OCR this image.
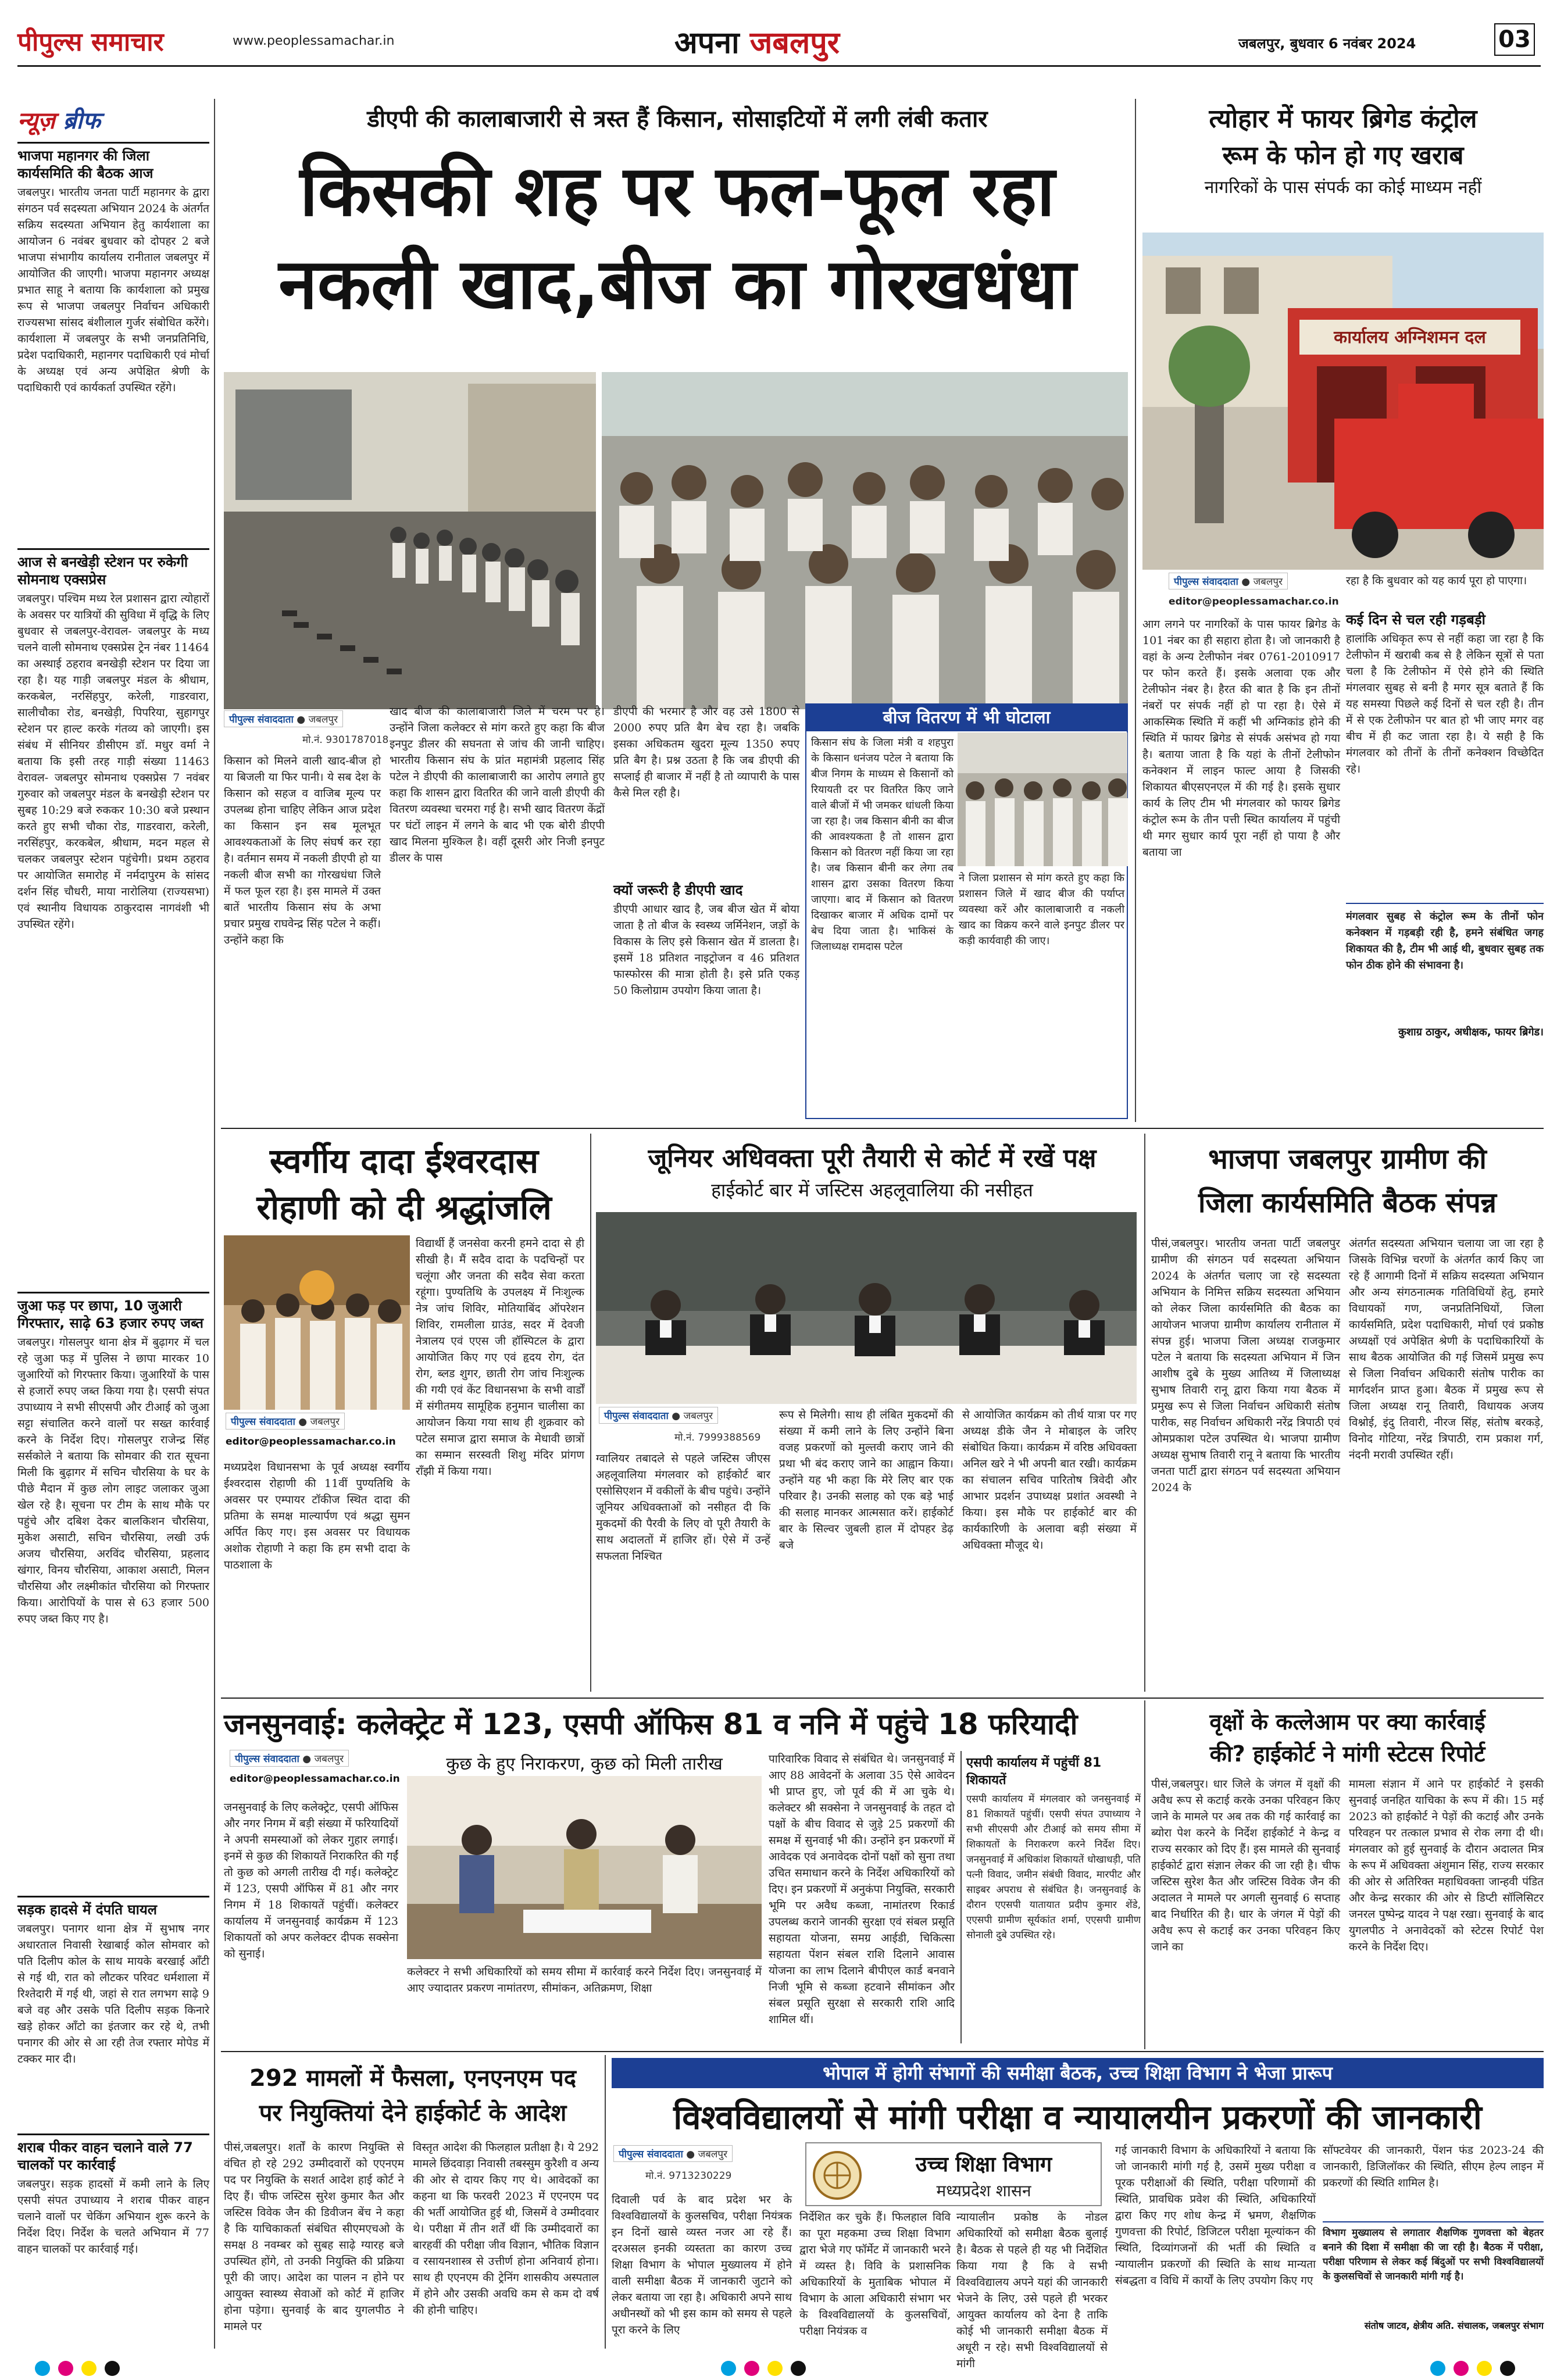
पीपुल्स समाचार	www.peoplessamachar.in	अपना जबलपुर	जबलपुर, बुधवार 6 नवंबर 2024	03
न्यूज़ ब्रीफ
भाजपा महानगर की जिला कार्यसमिति की बैठक आज
जबलपुर। भारतीय जनता पार्टी महानगर के द्वारा संगठन पर्व सदस्यता अभियान 2024 के अंतर्गत सक्रिय सदस्यता अभियान हेतु कार्यशाला का आयोजन 6 नवंबर बुधवार को दोपहर 2 बजे भाजपा संभागीय कार्यालय रानीताल जबलपुर में आयोजित की जाएगी। भाजपा महानगर अध्यक्ष प्रभात साहू ने बताया कि कार्यशाला को प्रमुख रूप से भाजपा जबलपुर निर्वाचन अधिकारी राज्यसभा सांसद बंशीलाल गुर्जर संबोधित करेंगे। कार्यशाला में जबलपुर के सभी जनप्रतिनिधि, प्रदेश पदाधिकारी, महानगर पदाधिकारी एवं मोर्चा के अध्यक्ष एवं अन्य अपेक्षित श्रेणी के पदाधिकारी एवं कार्यकर्ता उपस्थित रहेंगे।
आज से बनखेड़ी स्टेशन पर रुकेगी सोमनाथ एक्सप्रेस
जबलपुर। पश्चिम मध्य रेल प्रशासन द्वारा त्योहारों के अवसर पर यात्रियों की सुविधा में वृद्धि के लिए बुधवार से जबलपुर-वेरावल- जबलपुर के मध्य चलने वाली सोमनाथ एक्सप्रेस ट्रेन नंबर 11464 का अस्थाई ठहराव बनखेड़ी स्टेशन पर दिया जा रहा है। यह गाड़ी जबलपुर मंडल के श्रीधाम, करकबेल, नरसिंहपुर, करेली, गाडरवारा, सालीचौका रोड, बनखेड़ी, पिपरिया, सुहागपुर स्टेशन पर हाल्ट करके गंतव्य को जाएगी। इस संबंध में सीनियर डीसीएम डॉ. मधुर वर्मा ने बताया कि इसी तरह गाड़ी संख्या 11463 वेरावल- जबलपुर सोमनाथ एक्सप्रेस 7 नवंबर गुरुवार को जबलपुर मंडल के बनखेड़ी स्टेशन पर सुबह 10:29 बजे रुककर 10:30 बजे प्रस्थान करते हुए सभी चौका रोड, गाडरवारा, करेली, नरसिंहपुर, करकबेल, श्रीधाम, मदन महल से चलकर जबलपुर स्टेशन पहुंचेगी। प्रथम ठहराव पर आयोजित समारोह में नर्मदापुरम के सांसद दर्शन सिंह चौधरी, माया नारोलिया (राज्यसभा) एवं स्थानीय विधायक ठाकुरदास नागवंशी भी उपस्थित रहेंगे।
जुआ फड़ पर छापा, 10 जुआरी गिरफ्तार, साढ़े 63 हजार रुपए जब्त
जबलपुर। गोसलपुर थाना क्षेत्र में बुढ़ागर में चल रहे जुआ फड़ में पुलिस ने छापा मारकर 10 जुआरियों को गिरफ्तार किया। जुआरियों के पास से हजारों रुपए जब्त किया गया है। एसपी संपत उपाध्याय ने सभी सीएसपी और टीआई को जुआ सट्टा संचालित करने वालों पर सख्त कार्रवाई करने के निर्देश दिए। गोसलपुर राजेन्द्र सिंह सर्सकोले ने बताया कि सोमवार की रात सूचना मिली कि बुढ़ागर में सचिन चौरसिया के घर के पीछे मैदान में कुछ लोग लाइट जलाकर जुआ खेल रहे है। सूचना पर टीम के साथ मौके पर पहुंचे और दबिश देकर बालकिशन चौरसिया, मुकेश असाटी, सचिन चौरसिया, लखी उर्फ अजय चौरसिया, अरविंद चौरसिया, प्रहलाद खंगार, विनय चौरसिया, आकाश असाटी, मिलन चौरसिया और लक्ष्मीकांत चौरसिया को गिरफ्तार किया। आरोपियों के पास से 63 हजार 500 रुपए जब्त किए गए है।
सड़क हादसे में दंपति घायल
जबलपुर। पनागर थाना क्षेत्र में सुभाष नगर अधारताल निवासी रेखाबाई कोल सोमवार को पति दिलीप कोल के साथ मायके बरखाई आँटी से गई थी, रात को लौटकर परिवट धर्मशाला में रिश्तेदारी में गई थी, जहां से रात लगभग साढ़े 9 बजे वह और उसके पति दिलीप सड़क किनारे खड़े होकर आँटो का इंतजार कर रहे थे, तभी पनागर की ओर से आ रही तेज रफ्तार मोपेड में टक्कर मार दी।
शराब पीकर वाहन चलाने वाले 77 चालकों पर कार्रवाई
जबलपुर। सड़क हादसों में कमी लाने के लिए एसपी संपत उपाध्याय ने शराब पीकर वाहन चलाने वालों पर चेकिंग अभियान शुरू करने के निर्देश दिए। निर्देश के चलते अभियान में 77 वाहन चालकों पर कार्रवाई गई।
डीएपी की कालाबाजारी से त्रस्त हैं किसान, सोसाइटियों में लगी लंबी कतार
किसकी शह पर फल-फूल रहा
नकली खाद,बीज का गोरखधंधा
पीपुल्स संवाददाता ● जबलपुर
मो.नं. 9301787018
किसान को मिलने वाली खाद-बीज हो या बिजली या फिर पानी। ये सब देश के किसान को सहज व वाजिब मूल्य पर उपलब्ध होना चाहिए लेकिन आज प्रदेश का किसान इन सब मूलभूत आवश्यकताओं के लिए संघर्ष कर रहा है। वर्तमान समय में नकली डीएपी हो या नकली बीज सभी का गोरखधंधा जिले में फल फूल रहा है। इस मामले में उक्त बातें भारतीय किसान संघ के अभा प्रचार प्रमुख राघवेन्द्र सिंह पटेल ने कहीं। उन्होंने कहा कि
खाद बीज की कालाबाजारी जिले में चरम पर है। उन्होंने जिला कलेक्टर से मांग करते हुए कहा कि बीज इनपुट डीलर की सघनता से जांच की जानी चाहिए। भारतीय किसान संघ के प्रांत महामंत्री प्रहलाद सिंह पटेल ने डीएपी की कालाबाजारी का आरोप लगाते हुए कहा कि शासन द्वारा वितरित की जाने वाली डीएपी की वितरण व्यवस्था चरमरा गई है। सभी खाद वितरण केंद्रों पर घंटों लाइन में लगने के बाद भी एक बोरी डीएपी खाद मिलना मुश्किल है। वहीं दूसरी ओर निजी इनपुट डीलर के पास
डीएपी की भरमार है और वह उसे 1800 से 2000 रुपए प्रति बैग बेच रहा है। जबकि इसका अधिकतम खुदरा मूल्य 1350 रुपए प्रति बैग है। प्रश्न उठता है कि जब डीएपी की सप्लाई ही बाजार में नहीं है तो व्यापारी के पास कैसे मिल रही है।
क्यों जरूरी है डीएपी खाद
डीएपी आधार खाद है, जब बीज खेत में बोया जाता है तो बीज के स्वस्थ्य जर्मिनेशन, जड़ों के विकास के लिए इसे किसान खेत में डालता है। इसमें 18 प्रतिशत नाइट्रोजन व 46 प्रतिशत फास्फोरस की मात्रा होती है। इसे प्रति एकड़ 50 किलोग्राम उपयोग किया जाता है।
बीज वितरण में भी घोटाला
किसान संघ के जिला मंत्री व शहपुरा के किसान धनंजय पटेल ने बताया कि बीज निगम के माध्यम से किसानों को रियायती दर पर वितरित किए जाने वाले बीजों में भी जमकर धांधली किया जा रहा है। जब किसान बीनी का बीज की आवश्यकता है तो शासन द्वारा किसान को वितरण नहीं किया जा रहा है। जब किसान बीनी कर लेगा तब शासन द्वारा उसका वितरण किया जाएगा। बाद में किसान को वितरण दिखाकर बाजार में अधिक दामों पर बेच दिया जाता है। भाकिसं के जिलाध्यक्ष रामदास पटेल
ने जिला प्रशासन से मांग करते हुए कहा कि प्रशासन जिले में खाद बीज की पर्याप्त व्यवस्था करें और कालाबाजारी व नकली खाद का विक्रय करने वाले इनपुट डीलर पर कड़ी कार्यवाही की जाए।
त्योहार में फायर ब्रिगेड कंट्रोल
रूम के फोन हो गए खराब
नागरिकों के पास संपर्क का कोई माध्यम नहीं
कार्यालय अग्निशमन दल
पीपुल्स संवाददाता ● जबलपुर
editor@peoplessamachar.co.in
आग लगने पर नागरिकों के पास फायर ब्रिगेड के 101 नंबर का ही सहारा होता है। जो जानकारी है वहां के अन्य टेलीफोन नंबर 0761-2010917 पर फोन करते हैं। इसके अलावा एक और टेलीफोन नंबर है। हैरत की बात है कि इन तीनों नंबरों पर संपर्क नहीं हो पा रहा है। ऐसे में आकस्मिक स्थिति में कहीं भी अग्निकांड होने की स्थिति में फायर ब्रिगेड से संपर्क असंभव हो गया है। बताया जाता है कि यहां के तीनों टेलीफोन कनेक्शन में लाइन फाल्ट आया है जिसकी शिकायत बीएसएनएल में की गई है। इसके सुधार कार्य के लिए टीम भी मंगलवार को फायर ब्रिगेड कंट्रोल रूम के तीन पत्ती स्थित कार्यालय में पहुंची थी मगर सुधार कार्य पूरा नहीं हो पाया है और बताया जा
रहा है कि बुधवार को यह कार्य पूरा हो पाएगा।
कई दिन से चल रही गड़बड़ी
हालांकि अधिकृत रूप से नहीं कहा जा रहा है कि टेलीफोन में खराबी कब से है लेकिन सूत्रों से पता चला है कि टेलीफोन में ऐसे होने की स्थिति मंगलवार सुबह से बनी है मगर सूत्र बताते हैं कि यह समस्या पिछले कई दिनों से चल रही है। तीन में से एक टेलीफोन पर बात हो भी जाए मगर वह बीच में ही कट जाता रहा है। ये सही है कि मंगलवार को तीनों के तीनों कनेक्शन विच्छेदित रहे।
मंगलवार सुबह से कंट्रोल रूम के तीनों फोन कनेक्शन में गड़बड़ी रही है, हमने संबंधित जगह शिकायत की है, टीम भी आई थी, बुधवार सुबह तक फोन ठीक होने की संभावना है।
कुशाग्र ठाकुर, अधीक्षक, फायर ब्रिगेड।
स्वर्गीय दादा ईश्वरदास
रोहाणी को दी श्रद्धांजलि
पीपुल्स संवाददाता ● जबलपुर
editor@peoplessamachar.co.in
मध्यप्रदेश विधानसभा के पूर्व अध्यक्ष स्वर्गीय ईश्वरदास रोहाणी की 11वीं पुण्यतिथि के अवसर पर एम्पायर टॉकीज स्थित दादा की प्रतिमा के समक्ष माल्यार्पण एवं श्रद्धा सुमन अर्पित किए गए। इस अवसर पर विधायक अशोक रोहाणी ने कहा कि हम सभी दादा के पाठशाला के
विद्यार्थी हैं जनसेवा करनी हमने दादा से ही सीखी है। मैं सदैव दादा के पदचिन्हों पर चलूंगा और जनता की सदैव सेवा करता रहूंगा। पुण्यतिथि के उपलक्ष्य में निःशुल्क नेत्र जांच शिविर, मोतियाबिंद ऑपरेशन शिविर, रामलीला ग्राउंड, सदर में देवजी नेत्रालय एवं एएस जी हॉस्पिटल के द्वारा आयोजित किए गए एवं हृदय रोग, दंत रोग, ब्लड शुगर, छाती रोग जांच निःशुल्क की गयी एवं केंट विधानसभा के सभी वार्डों में संगीतमय सामूहिक हनुमान चालीसा का आयोजन किया गया साथ ही शुक्रवार को पटेल समाज द्वारा समाज के मेधावी छात्रों का सम्मान सरस्वती शिशु मंदिर प्रांगण राँझी में किया गया।
जूनियर अधिवक्ता पूरी तैयारी से कोर्ट में रखें पक्ष
हाईकोर्ट बार में जस्टिस अहलूवालिया की नसीहत
पीपुल्स संवाददाता ● जबलपुर
मो.नं. 7999388569
ग्वालियर तबादले से पहले जस्टिस जीएस अहलूवालिया मंगलवार को हाईकोर्ट बार एसोसिएशन में वकीलों के बीच पहुंचे। उन्होंने जूनियर अधिवक्ताओं को नसीहत दी कि मुकदमों की पैरवी के लिए वो पूरी तैयारी के साथ अदालतों में हाजिर हों। ऐसे में उन्हें सफलता निश्चित
रूप से मिलेगी। साथ ही लंबित मुकदमों की संख्या में कमी लाने के लिए उन्होंने बिना वजह प्रकरणों को मुल्तवी कराए जाने की प्रथा भी बंद कराए जाने का आह्वान किया। उन्होंने यह भी कहा कि मेरे लिए बार एक परिवार है। उनकी सलाह को एक बड़े भाई की सलाह मानकर आत्मसात करें। हाईकोर्ट बार के सिल्वर जुबली हाल में दोपहर डेढ़ बजे
से आयोजित कार्यक्रम को तीर्थ यात्रा पर गए अध्यक्ष डीके जैन ने मोबाइल के जरिए संबोधित किया। कार्यक्रम में वरिष्ठ अधिवक्ता अनिल खरे ने भी अपनी बात रखी। कार्यक्रम का संचालन सचिव पारितोष त्रिवेदी और आभार प्रदर्शन उपाध्यक्ष प्रशांत अवस्थी ने किया। इस मौके पर हाईकोर्ट बार की कार्यकारिणी के अलावा बड़ी संख्या में अधिवक्ता मौजूद थे।
भाजपा जबलपुर ग्रामीण की
जिला कार्यसमिति बैठक संपन्न
पीसं,जबलपुर। भारतीय जनता पार्टी जबलपुर ग्रामीण की संगठन पर्व सदस्यता अभियान 2024 के अंतर्गत चलाए जा रहे सदस्यता अभियान के निमित्त सक्रिय सदस्यता अभियान को लेकर जिला कार्यसमिति की बैठक का आयोजन भाजपा ग्रामीण कार्यालय रानीताल में संपन्न हुई। भाजपा जिला अध्यक्ष राजकुमार पटेल ने बताया कि सदस्यता अभियान में जिन आशीष दुबे के मुख्य आतिथ्य में जिलाध्यक्ष सुभाष तिवारी रानू द्वारा किया गया बैठक में प्रमुख रूप से जिला निर्वाचन अधिकारी संतोष पारीक, सह निर्वाचन अधिकारी नरेंद्र त्रिपाठी एवं ओमप्रकाश पटेल उपस्थित थे। भाजपा ग्रामीण अध्यक्ष सुभाष तिवारी रानू ने बताया कि भारतीय जनता पार्टी द्वारा संगठन पर्व सदस्यता अभियान 2024 के
अंतर्गत सदस्यता अभियान चलाया जा जा रहा है जिसके विभिन्न चरणों के अंतर्गत कार्य किए जा रहे हैं आगामी दिनों में सक्रिय सदस्यता अभियान और अन्य संगठनात्मक गतिविधियों हेतु, हमारे विधायकों गण, जनप्रतिनिधियों, जिला कार्यसमिति, प्रदेश पदाधिकारी, मोर्चा एवं प्रकोष्ठ अध्यक्षों एवं अपेक्षित श्रेणी के पदाधिकारियों के साथ बैठक आयोजित की गई जिसमें प्रमुख रूप से जिला निर्वाचन अधिकारी संतोष पारीक का मार्गदर्शन प्राप्त हुआ। बैठक में प्रमुख रूप से जिला अध्यक्ष रानू तिवारी, विधायक अजय विश्नोई, इंदु तिवारी, नीरज सिंह, संतोष बरकड़े, विनोद गोटिया, नरेंद्र त्रिपाठी, राम प्रकाश गर्ग, नंदनी मरावी उपस्थित रहीं।
जनसुनवाई: कलेक्ट्रेट में 123, एसपी ऑफिस 81 व ननि में पहुंचे 18 फरियादी
पीपुल्स संवाददाता ● जबलपुर
editor@peoplessamachar.co.in
जनसुनवाई के लिए कलेक्ट्रेट, एसपी ऑफिस और नगर निगम में बड़ी संख्या में फरियादियों ने अपनी समस्याओं को लेकर गुहार लगाई। इनमें से कुछ की शिकायतें निराकरित की गईं तो कुछ को अगली तारीख दी गई। कलेक्ट्रेट में 123, एसपी ऑफिस में 81 और नगर निगम में 18 शिकायतें पहुंचीं। कलेक्टर कार्यालय में जनसुनवाई कार्यक्रम में 123 शिकायतों को अपर कलेक्टर दीपक सक्सेना को सुनाई।
कुछ के हुए निराकरण, कुछ को मिली तारीख
कलेक्टर ने सभी अधिकारियों को समय सीमा में कार्रवाई करने निर्देश दिए। जनसुनवाई में आए ज्यादातर प्रकरण नामांतरण, सीमांकन, अतिक्रमण, शिक्षा
पारिवारिक विवाद से संबंधित थे। जनसुनवाई में आए 88 आवेदनों के अलावा 35 ऐसे आवेदन भी प्राप्त हुए, जो पूर्व की में आ चुके थे। कलेक्टर श्री सक्सेना ने जनसुनवाई के तहत दो पक्षों के बीच विवाद से जुड़े 25 प्रकरणों की समक्ष में सुनवाई भी की। उन्होंने इन प्रकरणों में आवेदक एवं अनावेदक दोनों पक्षों को सुना तथा उचित समाधान करने के निर्देश अधिकारियों को दिए। इन प्रकरणों में अनुकंपा नियुक्ति, सरकारी भूमि पर अवैध कब्जा, नामांतरण रिकार्ड उपलब्ध कराने जानकी सुरक्षा एवं संबल प्रसूति सहायता योजना, समग्र आईडी, चिकित्सा सहायता पेंशन संबल राशि दिलाने आवास योजना का लाभ दिलाने बीपीएल कार्ड बनवाने निजी भूमि से कब्जा हटवाने सीमांकन और संबल प्रसूति सुरक्षा से सरकारी राशि आदि शामिल थीं।
एसपी कार्यालय में पहुंचीं 81 शिकायतें
एसपी कार्यालय में मंगलवार को जनसुनवाई में 81 शिकायतें पहुंचीं। एसपी संपत उपाध्याय ने सभी सीएसपी और टीआई को समय सीमा में शिकायतों के निराकरण करने निर्देश दिए। जनसुनवाई में अधिकांश शिकायतें धोखाधड़ी, पति पत्नी विवाद, जमीन संबंधी विवाद, मारपीट और साइबर अपराध से संबंधित है। जनसुनवाई के दौरान एएसपी यातायात प्रदीप कुमार शेंडे, एएसपी ग्रामीण सूर्यकांत शर्मा, एएसपी ग्रामीण सोनाली दुबे उपस्थित रहे।
वृक्षों के कत्लेआम पर क्या कार्रवाई
की? हाईकोर्ट ने मांगी स्टेटस रिपोर्ट
पीसं,जबलपुर। धार जिले के जंगल में वृक्षों की अवैध रूप से कटाई करके उनका परिवहन किए जाने के मामले पर अब तक की गई कार्रवाई का ब्योरा पेश करने के निर्देश हाईकोर्ट ने केन्द्र व राज्य सरकार को दिए हैं। इस मामले की सुनवाई हाईकोर्ट द्वारा संज्ञान लेकर की जा रही है। चीफ जस्टिस सुरेश कैत और जस्टिस विवेक जैन की अदालत ने मामले पर अगली सुनवाई 6 सप्ताह बाद निर्धारित की है। धार के जंगल में पेड़ों की अवैध रूप से कटाई कर उनका परिवहन किए जाने का
मामला संज्ञान में आने पर हाईकोर्ट ने इसकी सुनवाई जनहित याचिका के रूप में की। 15 मई 2023 को हाईकोर्ट ने पेड़ों की कटाई और उनके परिवहन पर तत्काल प्रभाव से रोक लगा दी थी। मंगलवार को हुई सुनवाई के दौरान अदालत मित्र के रूप में अधिवक्ता अंशुमान सिंह, राज्य सरकार की ओर से अतिरिक्त महाधिवक्ता जान्हवी पंडित और केन्द्र सरकार की ओर से डिप्टी सॉलिसिटर जनरल पुष्पेन्द्र यादव ने पक्ष रखा। सुनवाई के बाद युगलपीठ ने अनावेदकों को स्टेटस रिपोर्ट पेश करने के निर्देश दिए।
292 मामलों में फैसला, एनएनएम पद
पर नियुक्तियां देने हाईकोर्ट के आदेश
पीसं,जबलपुर। शर्तों के कारण नियुक्ति से वंचित हो रहे 292 उम्मीदवारों को एएनएम पद पर नियुक्ति के सशर्त आदेश हाई कोर्ट ने दिए हैं। चीफ जस्टिस सुरेश कुमार कैत और जस्टिस विवेक जैन की डिवीजन बेंच ने कहा है कि याचिकाकर्ता संबंधित सीएमएचओ के समक्ष 8 नवम्बर को सुबह साढ़े ग्यारह बजे उपस्थित होंगे, तो उनकी नियुक्ति की प्रक्रिया पूरी की जाए। आदेश का पालन न होने पर आयुक्त स्वास्थ्य सेवाओं को कोर्ट में हाजिर होना पड़ेगा। सुनवाई के बाद युगलपीठ ने मामले पर
विस्तृत आदेश की फिलहाल प्रतीक्षा है। ये 292 मामले छिंदवाड़ा निवासी तबस्सुम कुरैशी व अन्य की ओर से दायर किए गए थे। आवेदकों का कहना था कि फरवरी 2023 में एएनएम पद की भर्ती आयोजित हुई थी, जिसमें वे उम्मीदवार थे। परीक्षा में तीन शर्तें थीं कि उम्मीदवारों का बारहवीं की परीक्षा जीव विज्ञान, भौतिक विज्ञान व रसायनशास्त्र से उत्तीर्ण होना अनिवार्य होना। साथ ही एएनएम की ट्रेनिंग शासकीय अस्पताल में होने और उसकी अवधि कम से कम दो वर्ष की होनी चाहिए।
भोपाल में होगी संभागों की समीक्षा बैठक, उच्च शिक्षा विभाग ने भेजा प्रारूप
विश्वविद्यालयों से मांगी परीक्षा व न्यायालयीन प्रकरणों की जानकारी
पीपुल्स संवाददाता ● जबलपुर
मो.नं. 9713230229	उच्च शिक्षा विभाग
मध्यप्रदेश शासन
दिवाली पर्व के बाद प्रदेश भर के विश्वविद्यालयों के कुलसचिव, परीक्षा नियंत्रक इन दिनों खासे व्यस्त नजर आ रहे हैं। दरअसल इनकी व्यस्तता का कारण उच्च शिक्षा विभाग के भोपाल मुख्यालय में होने वाली समीक्षा बैठक में जानकारी जुटाने को लेकर बताया जा रहा है। अधिकारी अपने साथ अधीनस्थों को भी इस काम को समय से पहले पूरा करने के लिए
निर्देशित कर चुके हैं। फिलहाल विवि का पूरा महकमा उच्च शिक्षा विभाग द्वारा भेजे गए फॉर्मेट में जानकारी भरने में व्यस्त है। विवि के प्रशासनिक अधिकारियों के मुताबिक भोपाल में विभाग के आला अधिकारी संभाग भर के विश्वविद्यालयों के कुलसचिवों, परीक्षा नियंत्रक व
न्यायालीन प्रकोष्ठ के नोडल अधिकारियों को समीक्षा बैठक बुलाई है। बैठक से पहले ही यह भी निर्देशित किया गया है कि वे सभी विश्वविद्यालय अपने यहां की जानकारी भेजने के लिए, उसे पहले ही भरकर आयुक्त कार्यालय को देना है ताकि कोई भी जानकारी समीक्षा बैठक में अधूरी न रहे। सभी विश्वविद्यालयों से मांगी
गई जानकारी विभाग के अधिकारियों ने बताया कि जो जानकारी मांगी गई है, उसमें मुख्य परीक्षा व पूरक परीक्षाओं की स्थिति, परीक्षा परिणामों की स्थिति, प्रावधिक प्रवेश की स्थिति, अधिकारियों द्वारा किए गए शोध केन्द्र में भ्रमण, शैक्षणिक गुणवत्ता की रिपोर्ट, डिजिटल परीक्षा मूल्यांकन की स्थिति, दिव्यांगजनों की भर्ती की स्थिति व न्यायालीन प्रकरणों की स्थिति के साथ मान्यता संबद्धता व विधि में कार्यों के लिए उपयोग किए गए
सॉफ्टवेयर की जानकारी, पेंशन फंड 2023-24 की जानकारी, डिजिलॉकर की स्थिति, सीएम हेल्प लाइन में प्रकरणों की स्थिति शामिल है।
विभाग मुख्यालय से लगातार शैक्षणिक गुणवत्ता को बेहतर बनाने की दिशा में समीक्षा की जा रही है। बैठक में परीक्षा, परीक्षा परिणाम से लेकर कई बिंदुओं पर सभी विश्वविद्यालयों के कुलसचिवों से जानकारी मांगी गई है।
संतोष जाटव, क्षेत्रीय अति. संचालक, जबलपुर संभाग
